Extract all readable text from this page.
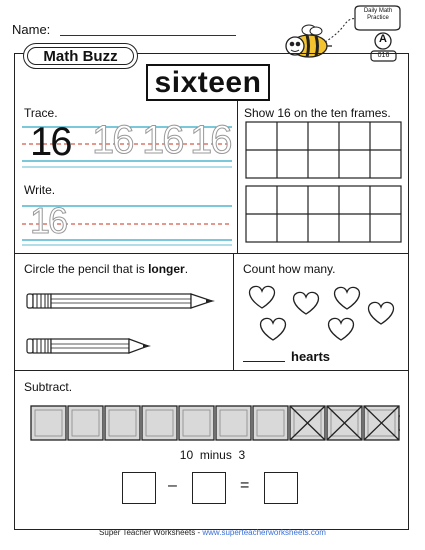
Name:
Daily Math
Practice
A
016
Math Buzz
sixteen
Trace.
16 16 16 16
Write.
16
Show 16 on the ten frames.
Circle the pencil that is longer.	Count how many.
hearts
Subtract.
10 minus 3
–	=
Super Teacher Worksheets - www.superteacherworksheets.com
